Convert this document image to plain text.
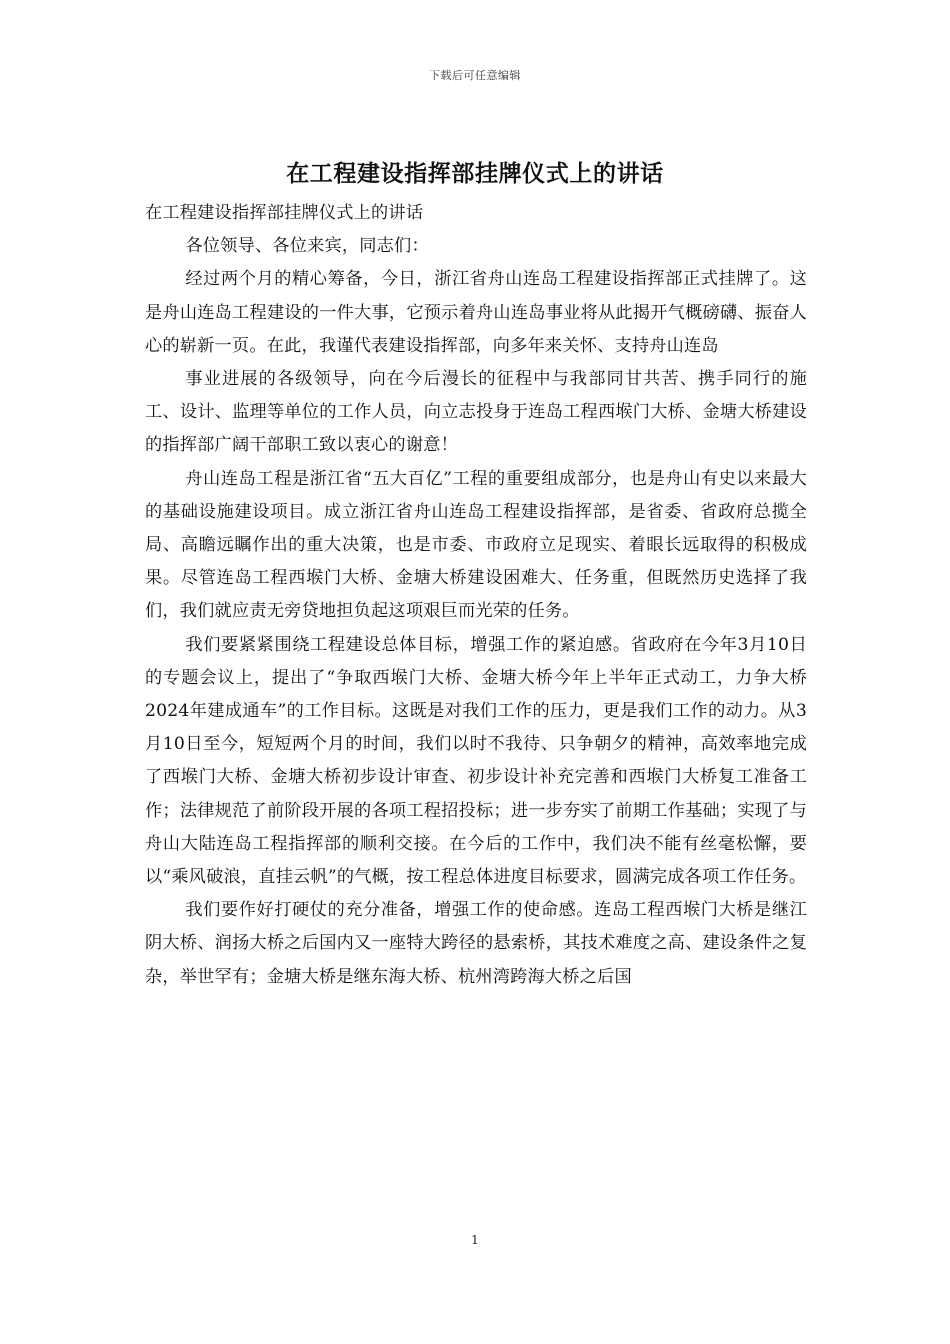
下载后可任意编辑
在工程建设指挥部挂牌仪式上的讲话

在工程建设指挥部挂牌仪式上的讲话

各位领导、各位来宾，同志们：

经过两个月的精心筹备，今日，浙江省舟山连岛工程建设指挥部正式挂牌了。这是舟山连岛工程建设的一件大事，它预示着舟山连岛事业将从此揭开气概磅礴、振奋人心的崭新一页。在此，我谨代表建设指挥部，向多年来关怀、支持舟山连岛

事业进展的各级领导，向在今后漫长的征程中与我部同甘共苦、携手同行的施工、设计、监理等单位的工作人员，向立志投身于连岛工程西堠门大桥、金塘大桥建设的指挥部广阔干部职工致以衷心的谢意！

舟山连岛工程是浙江省“五大百亿”工程的重要组成部分，也是舟山有史以来最大的基础设施建设项目。成立浙江省舟山连岛工程建设指挥部，是省委、省政府总揽全局、高瞻远瞩作出的重大决策，也是市委、市政府立足现实、着眼长远取得的积极成果。尽管连岛工程西堠门大桥、金塘大桥建设困难大、任务重，但既然历史选择了我们，我们就应责无旁贷地担负起这项艰巨而光荣的任务。

我们要紧紧围绕工程建设总体目标，增强工作的紧迫感。省政府在今年3月10日的专题会议上，提出了“争取西堠门大桥、金塘大桥今年上半年正式动工，力争大桥2024年建成通车”的工作目标。这既是对我们工作的压力，更是我们工作的动力。从3月10日至今，短短两个月的时间，我们以时不我待、只争朝夕的精神，高效率地完成了西堠门大桥、金塘大桥初步设计审查、初步设计补充完善和西堠门大桥复工准备工作；法律规范了前阶段开展的各项工程招投标；进一步夯实了前期工作基础；实现了与舟山大陆连岛工程指挥部的顺利交接。在今后的工作中，我们决不能有丝毫松懈，要以“乘风破浪，直挂云帆”的气概，按工程总体进度目标要求，圆满完成各项工作任务。

我们要作好打硬仗的充分准备，增强工作的使命感。连岛工程西堠门大桥是继江阴大桥、润扬大桥之后国内又一座特大跨径的悬索桥，其技术难度之高、建设条件之复杂，举世罕有；金塘大桥是继东海大桥、杭州湾跨海大桥之后国

1
